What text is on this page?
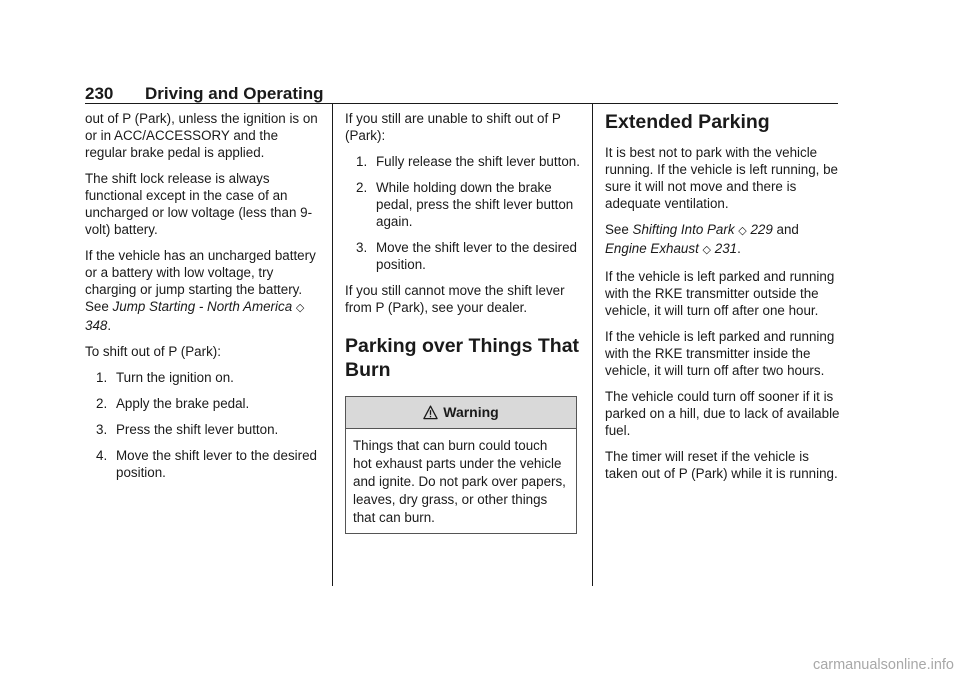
230 Driving and Operating

out of P (Park), unless the ignition is on or in ACC/ACCESSORY and the regular brake pedal is applied.

The shift lock release is always functional except in the case of an uncharged or low voltage (less than 9-volt) battery.

If the vehicle has an uncharged battery or a battery with low voltage, try charging or jump starting the battery. See Jump Starting - North America ◇ 348.

To shift out of P (Park):

1. Turn the ignition on.
2. Apply the brake pedal.
3. Press the shift lever button.
4. Move the shift lever to the desired position.

If you still are unable to shift out of P (Park):

1. Fully release the shift lever button.
2. While holding down the brake pedal, press the shift lever button again.
3. Move the shift lever to the desired position.

If you still cannot move the shift lever from P (Park), see your dealer.

Parking over Things That Burn
Warning
Things that can burn could touch hot exhaust parts under the vehicle and ignite. Do not park over papers, leaves, dry grass, or other things that can burn.
Extended Parking

It is best not to park with the vehicle running. If the vehicle is left running, be sure it will not move and there is adequate ventilation.

See Shifting Into Park ◇ 229 and Engine Exhaust ◇ 231.

If the vehicle is left parked and running with the RKE transmitter outside the vehicle, it will turn off after one hour.

If the vehicle is left parked and running with the RKE transmitter inside the vehicle, it will turn off after two hours.

The vehicle could turn off sooner if it is parked on a hill, due to lack of available fuel.

The timer will reset if the vehicle is taken out of P (Park) while it is running.

carmanualsonline.info
